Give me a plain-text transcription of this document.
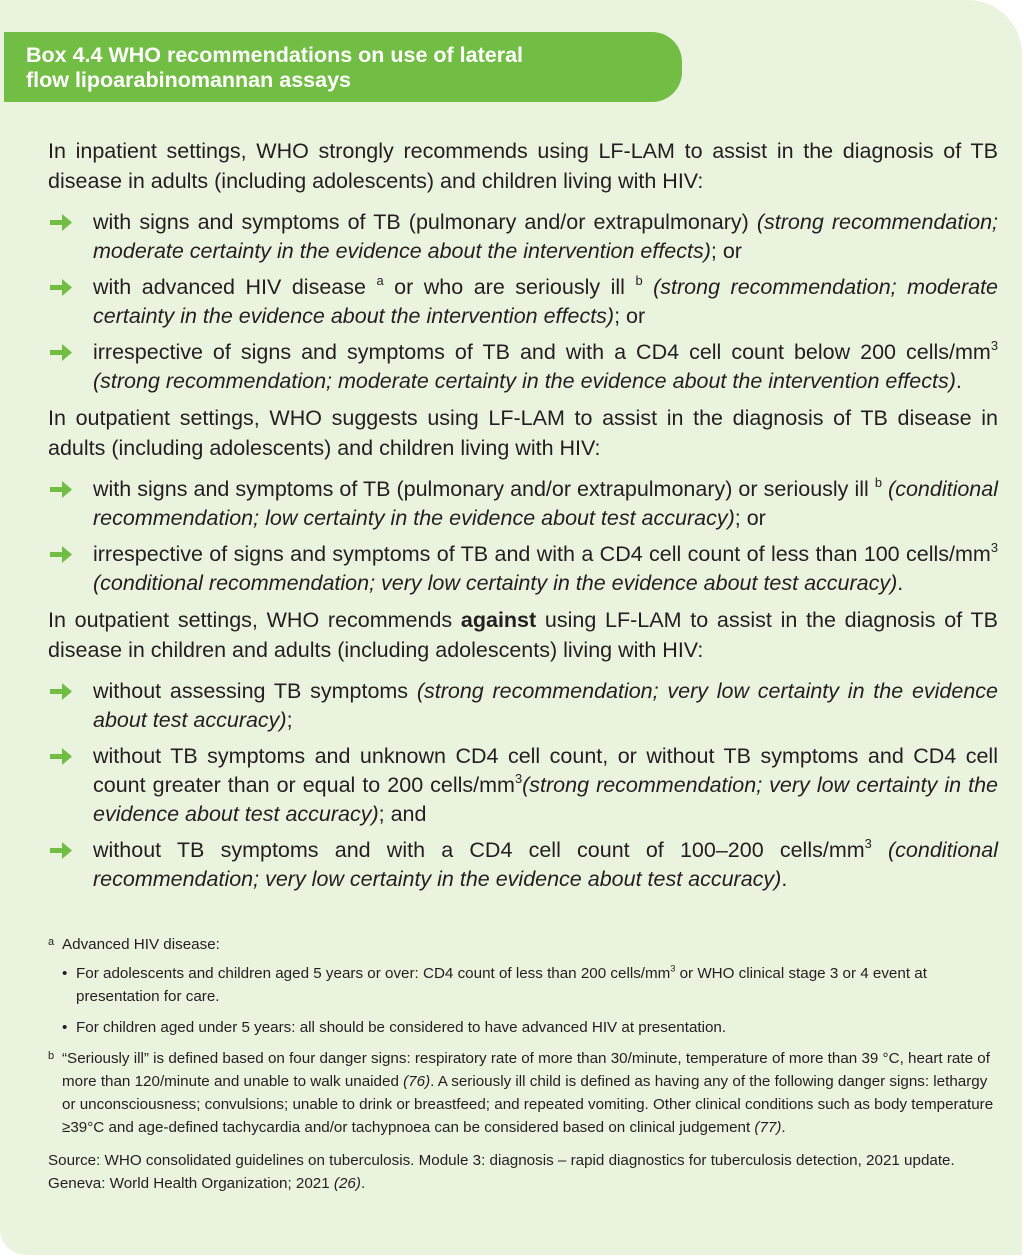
Box 4.4 WHO recommendations on use of lateral
flow lipoarabinomannan assays

In inpatient settings, WHO strongly recommends using LF-LAM to assist in the diagnosis of TB disease in adults (including adolescents) and children living with HIV:

with signs and symptoms of TB (pulmonary and/or extrapulmonary) (strong recommendation; moderate certainty in the evidence about the intervention effects); or
with advanced HIV disease $^a$ or who are seriously ill $^b$ (strong recommendation; moderate certainty in the evidence about the intervention effects); or
irrespective of signs and symptoms of TB and with a CD4 cell count below 200 cells/$mm^3$ (strong recommendation; moderate certainty in the evidence about the intervention effects).

In outpatient settings, WHO suggests using LF-LAM to assist in the diagnosis of TB disease in adults (including adolescents) and children living with HIV:

with signs and symptoms of TB (pulmonary and/or extrapulmonary) or seriously ill $^b$ (conditional recommendation; low certainty in the evidence about test accuracy); or
irrespective of signs and symptoms of TB and with a CD4 cell count of less than 100 cells/$mm^3$ (conditional recommendation; very low certainty in the evidence about test accuracy).

In outpatient settings, WHO recommends against using LF-LAM to assist in the diagnosis of TB disease in children and adults (including adolescents) living with HIV:

without assessing TB symptoms (strong recommendation; very low certainty in the evidence about test accuracy);
without TB symptoms and unknown CD4 cell count, or without TB symptoms and CD4 cell count greater than or equal to 200 cells/$mm^3(strong$ recommendation; very low certainty in the evidence about test accuracy); and
without TB symptoms and with a CD4 cell count of 100–200 cells/$mm^3$ (conditional recommendation; very low certainty in the evidence about test accuracy).
a Advanced HIV disease:
• For adolescents and children aged 5 years or over: CD4 count of less than 200 cells/$mm^3$ or WHO clinical stage 3 or 4 event at presentation for care.
• For children aged under 5 years: all should be considered to have advanced HIV at presentation.
b “Seriously ill” is defined based on four danger signs: respiratory rate of more than 30/minute, temperature of more than 39 °C, heart rate of more than 120/minute and unable to walk unaided (76). A seriously ill child is defined as having any of the following danger signs: lethargy or unconsciousness; convulsions; unable to drink or breastfeed; and repeated vomiting. Other clinical conditions such as body temperature ≥39°C and age-defined tachycardia and/or tachypnoea can be considered based on clinical judgement (77).
Source: WHO consolidated guidelines on tuberculosis. Module 3: diagnosis – rapid diagnostics for tuberculosis detection, 2021 update. Geneva: World Health Organization; 2021 (26).
